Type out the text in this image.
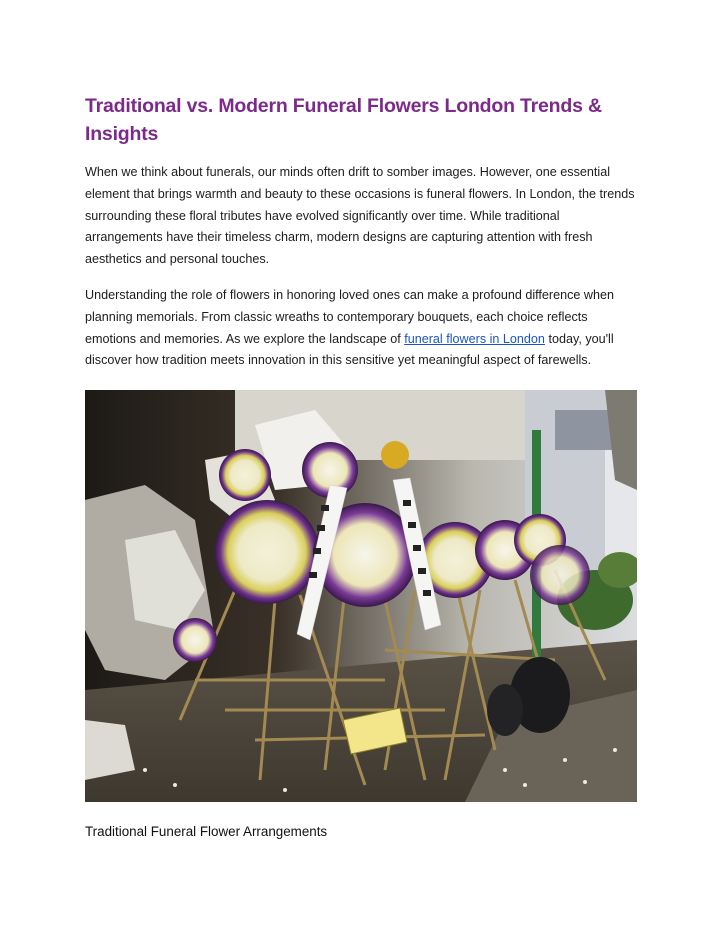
Traditional vs. Modern Funeral Flowers London Trends & Insights

When we think about funerals, our minds often drift to somber images. However, one essential element that brings warmth and beauty to these occasions is funeral flowers. In London, the trends surrounding these floral tributes have evolved significantly over time. While traditional arrangements have their timeless charm, modern designs are capturing attention with fresh aesthetics and personal touches.

Understanding the role of flowers in honoring loved ones can make a profound difference when planning memorials. From classic wreaths to contemporary bouquets, each choice reflects emotions and memories. As we explore the landscape of funeral flowers in London today, you'll discover how tradition meets innovation in this sensitive yet meaningful aspect of farewells.

Traditional Funeral Flower Arrangements
